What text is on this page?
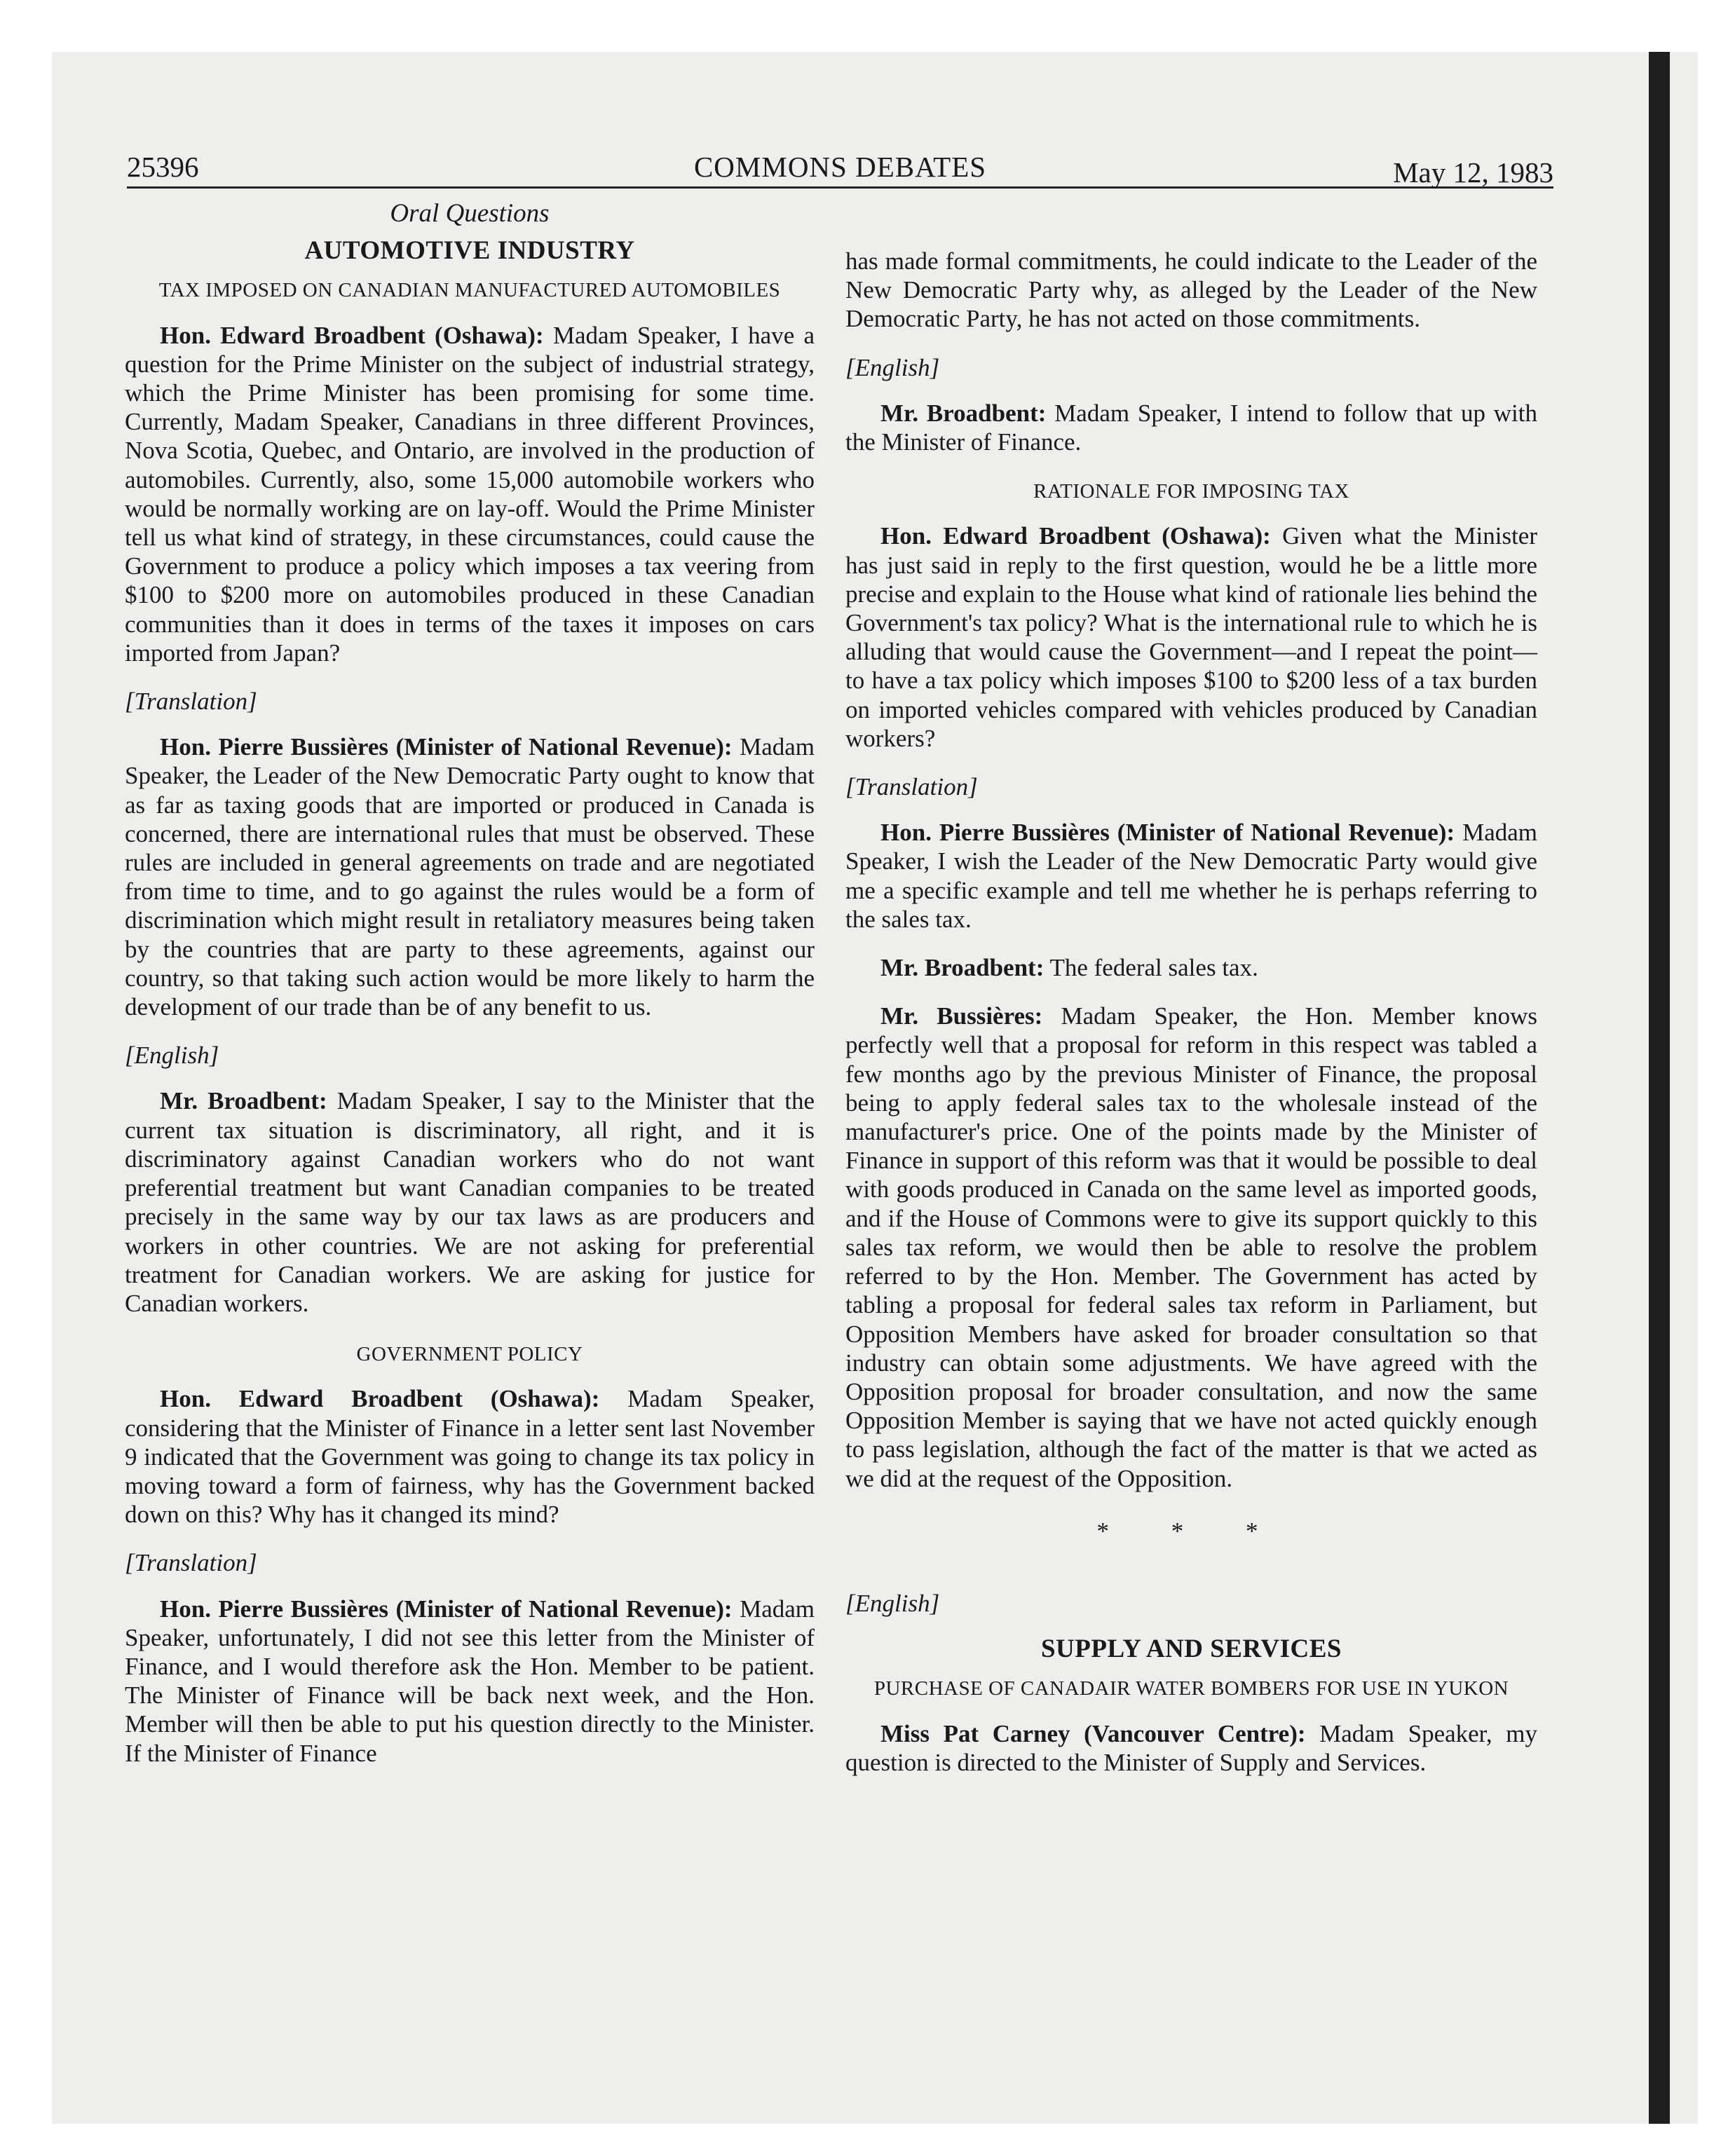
25396	COMMONS DEBATES	May 12, 1983
Oral Questions
AUTOMOTIVE INDUSTRY
TAX IMPOSED ON CANADIAN MANUFACTURED AUTOMOBILES

Hon. Edward Broadbent (Oshawa): Madam Speaker, I have a question for the Prime Minister on the subject of industrial strategy, which the Prime Minister has been promising for some time. Currently, Madam Speaker, Canadians in three different Provinces, Nova Scotia, Quebec, and Ontario, are involved in the production of automobiles. Currently, also, some 15,000 automobile workers who would be normally working are on lay-off. Would the Prime Minister tell us what kind of strategy, in these circumstances, could cause the Government to produce a policy which imposes a tax veering from $100 to $200 more on automobiles produced in these Canadian communities than it does in terms of the taxes it imposes on cars imported from Japan?

[Translation]

Hon. Pierre Bussières (Minister of National Revenue): Madam Speaker, the Leader of the New Democratic Party ought to know that as far as taxing goods that are imported or produced in Canada is concerned, there are international rules that must be observed. These rules are included in general agreements on trade and are negotiated from time to time, and to go against the rules would be a form of discrimination which might result in retaliatory measures being taken by the countries that are party to these agreements, against our country, so that taking such action would be more likely to harm the development of our trade than be of any benefit to us.

[English]

Mr. Broadbent: Madam Speaker, I say to the Minister that the current tax situation is discriminatory, all right, and it is discriminatory against Canadian workers who do not want preferential treatment but want Canadian companies to be treated precisely in the same way by our tax laws as are producers and workers in other countries. We are not asking for preferential treatment for Canadian workers. We are asking for justice for Canadian workers.

GOVERNMENT POLICY

Hon. Edward Broadbent (Oshawa): Madam Speaker, considering that the Minister of Finance in a letter sent last November 9 indicated that the Government was going to change its tax policy in moving toward a form of fairness, why has the Government backed down on this? Why has it changed its mind?

[Translation]

Hon. Pierre Bussières (Minister of National Revenue): Madam Speaker, unfortunately, I did not see this letter from the Minister of Finance, and I would therefore ask the Hon. Member to be patient. The Minister of Finance will be back next week, and the Hon. Member will then be able to put his question directly to the Minister. If the Minister of Finance

has made formal commitments, he could indicate to the Leader of the New Democratic Party why, as alleged by the Leader of the New Democratic Party, he has not acted on those commitments.

[English]

Mr. Broadbent: Madam Speaker, I intend to follow that up with the Minister of Finance.

RATIONALE FOR IMPOSING TAX

Hon. Edward Broadbent (Oshawa): Given what the Minister has just said in reply to the first question, would he be a little more precise and explain to the House what kind of rationale lies behind the Government's tax policy? What is the international rule to which he is alluding that would cause the Government—and I repeat the point—to have a tax policy which imposes $100 to $200 less of a tax burden on imported vehicles compared with vehicles produced by Canadian workers?

[Translation]

Hon. Pierre Bussières (Minister of National Revenue): Madam Speaker, I wish the Leader of the New Democratic Party would give me a specific example and tell me whether he is perhaps referring to the sales tax.

Mr. Broadbent: The federal sales tax.

Mr. Bussières: Madam Speaker, the Hon. Member knows perfectly well that a proposal for reform in this respect was tabled a few months ago by the previous Minister of Finance, the proposal being to apply federal sales tax to the wholesale instead of the manufacturer's price. One of the points made by the Minister of Finance in support of this reform was that it would be possible to deal with goods produced in Canada on the same level as imported goods, and if the House of Commons were to give its support quickly to this sales tax reform, we would then be able to resolve the problem referred to by the Hon. Member. The Government has acted by tabling a proposal for federal sales tax reform in Parliament, but Opposition Members have asked for broader consultation so that industry can obtain some adjustments. We have agreed with the Opposition proposal for broader consultation, and now the same Opposition Member is saying that we have not acted quickly enough to pass legislation, although the fact of the matter is that we acted as we did at the request of the Opposition.

* * *
[English]
SUPPLY AND SERVICES
PURCHASE OF CANADAIR WATER BOMBERS FOR USE IN YUKON

Miss Pat Carney (Vancouver Centre): Madam Speaker, my question is directed to the Minister of Supply and Services.
